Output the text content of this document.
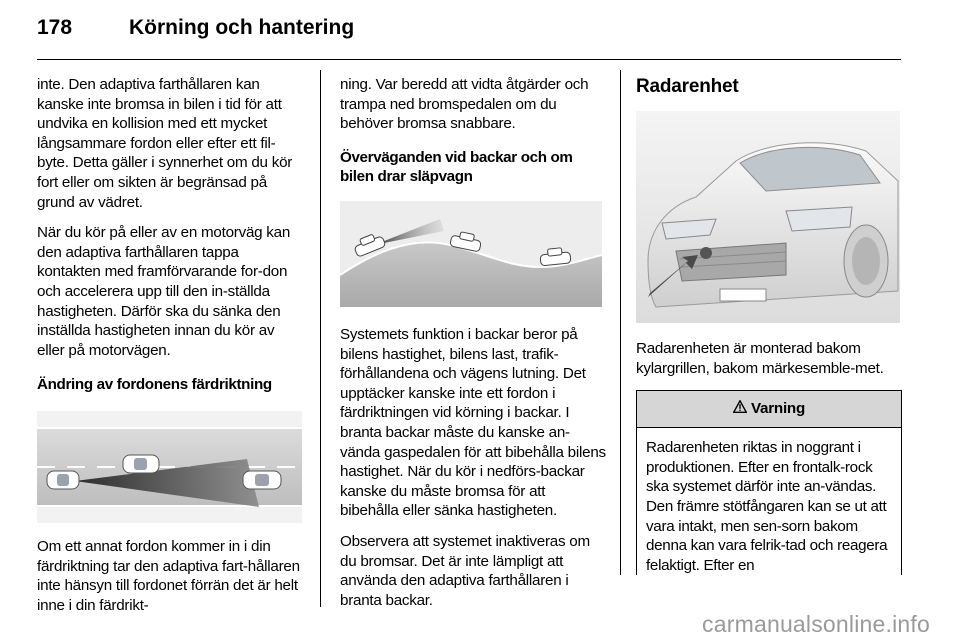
178	Körning och hantering

inte. Den adaptiva farthållaren kan kanske inte bromsa in bilen i tid för att undvika en kollision med ett mycket långsammare fordon eller efter ett fil-byte. Detta gäller i synnerhet om du kör fort eller om sikten är begränsad på grund av vädret.

När du kör på eller av en motorväg kan den adaptiva farthållaren tappa kontakten med framförvarande for-don och accelerera upp till den in-ställda hastigheten. Därför ska du sänka den inställda hastigheten innan du kör av eller på motorvägen.

Ändring av fordonens färdriktning

Om ett annat fordon kommer in i din färdriktning tar den adaptiva fart-hållaren inte hänsyn till fordonet förrän det är helt inne i din färdrikt-

ning. Var beredd att vidta åtgärder och trampa ned bromspedalen om du behöver bromsa snabbare.

Överväganden vid backar och om bilen drar släpvagn

Systemets funktion i backar beror på bilens hastighet, bilens last, trafik-förhållandena och vägens lutning. Det upptäcker kanske inte ett fordon i färdriktningen vid körning i backar. I branta backar måste du kanske an-vända gaspedalen för att bibehålla bilens hastighet. När du kör i nedförs-backar kanske du måste bromsa för att bibehålla eller sänka hastigheten.

Observera att systemet inaktiveras om du bromsar. Det är inte lämpligt att använda den adaptiva farthållaren i branta backar.

Radarenhet

Radarenheten är monterad bakom kylargrillen, bakom märkesemble-met.

Varning
Radarenheten riktas in noggrant i produktionen. Efter en frontalk-rock ska systemet därför inte an-vändas. Den främre stötfångaren kan se ut att vara intakt, men sen-sorn bakom denna kan vara felrik-tad och reagera felaktigt. Efter en
carmanualsonline.info
